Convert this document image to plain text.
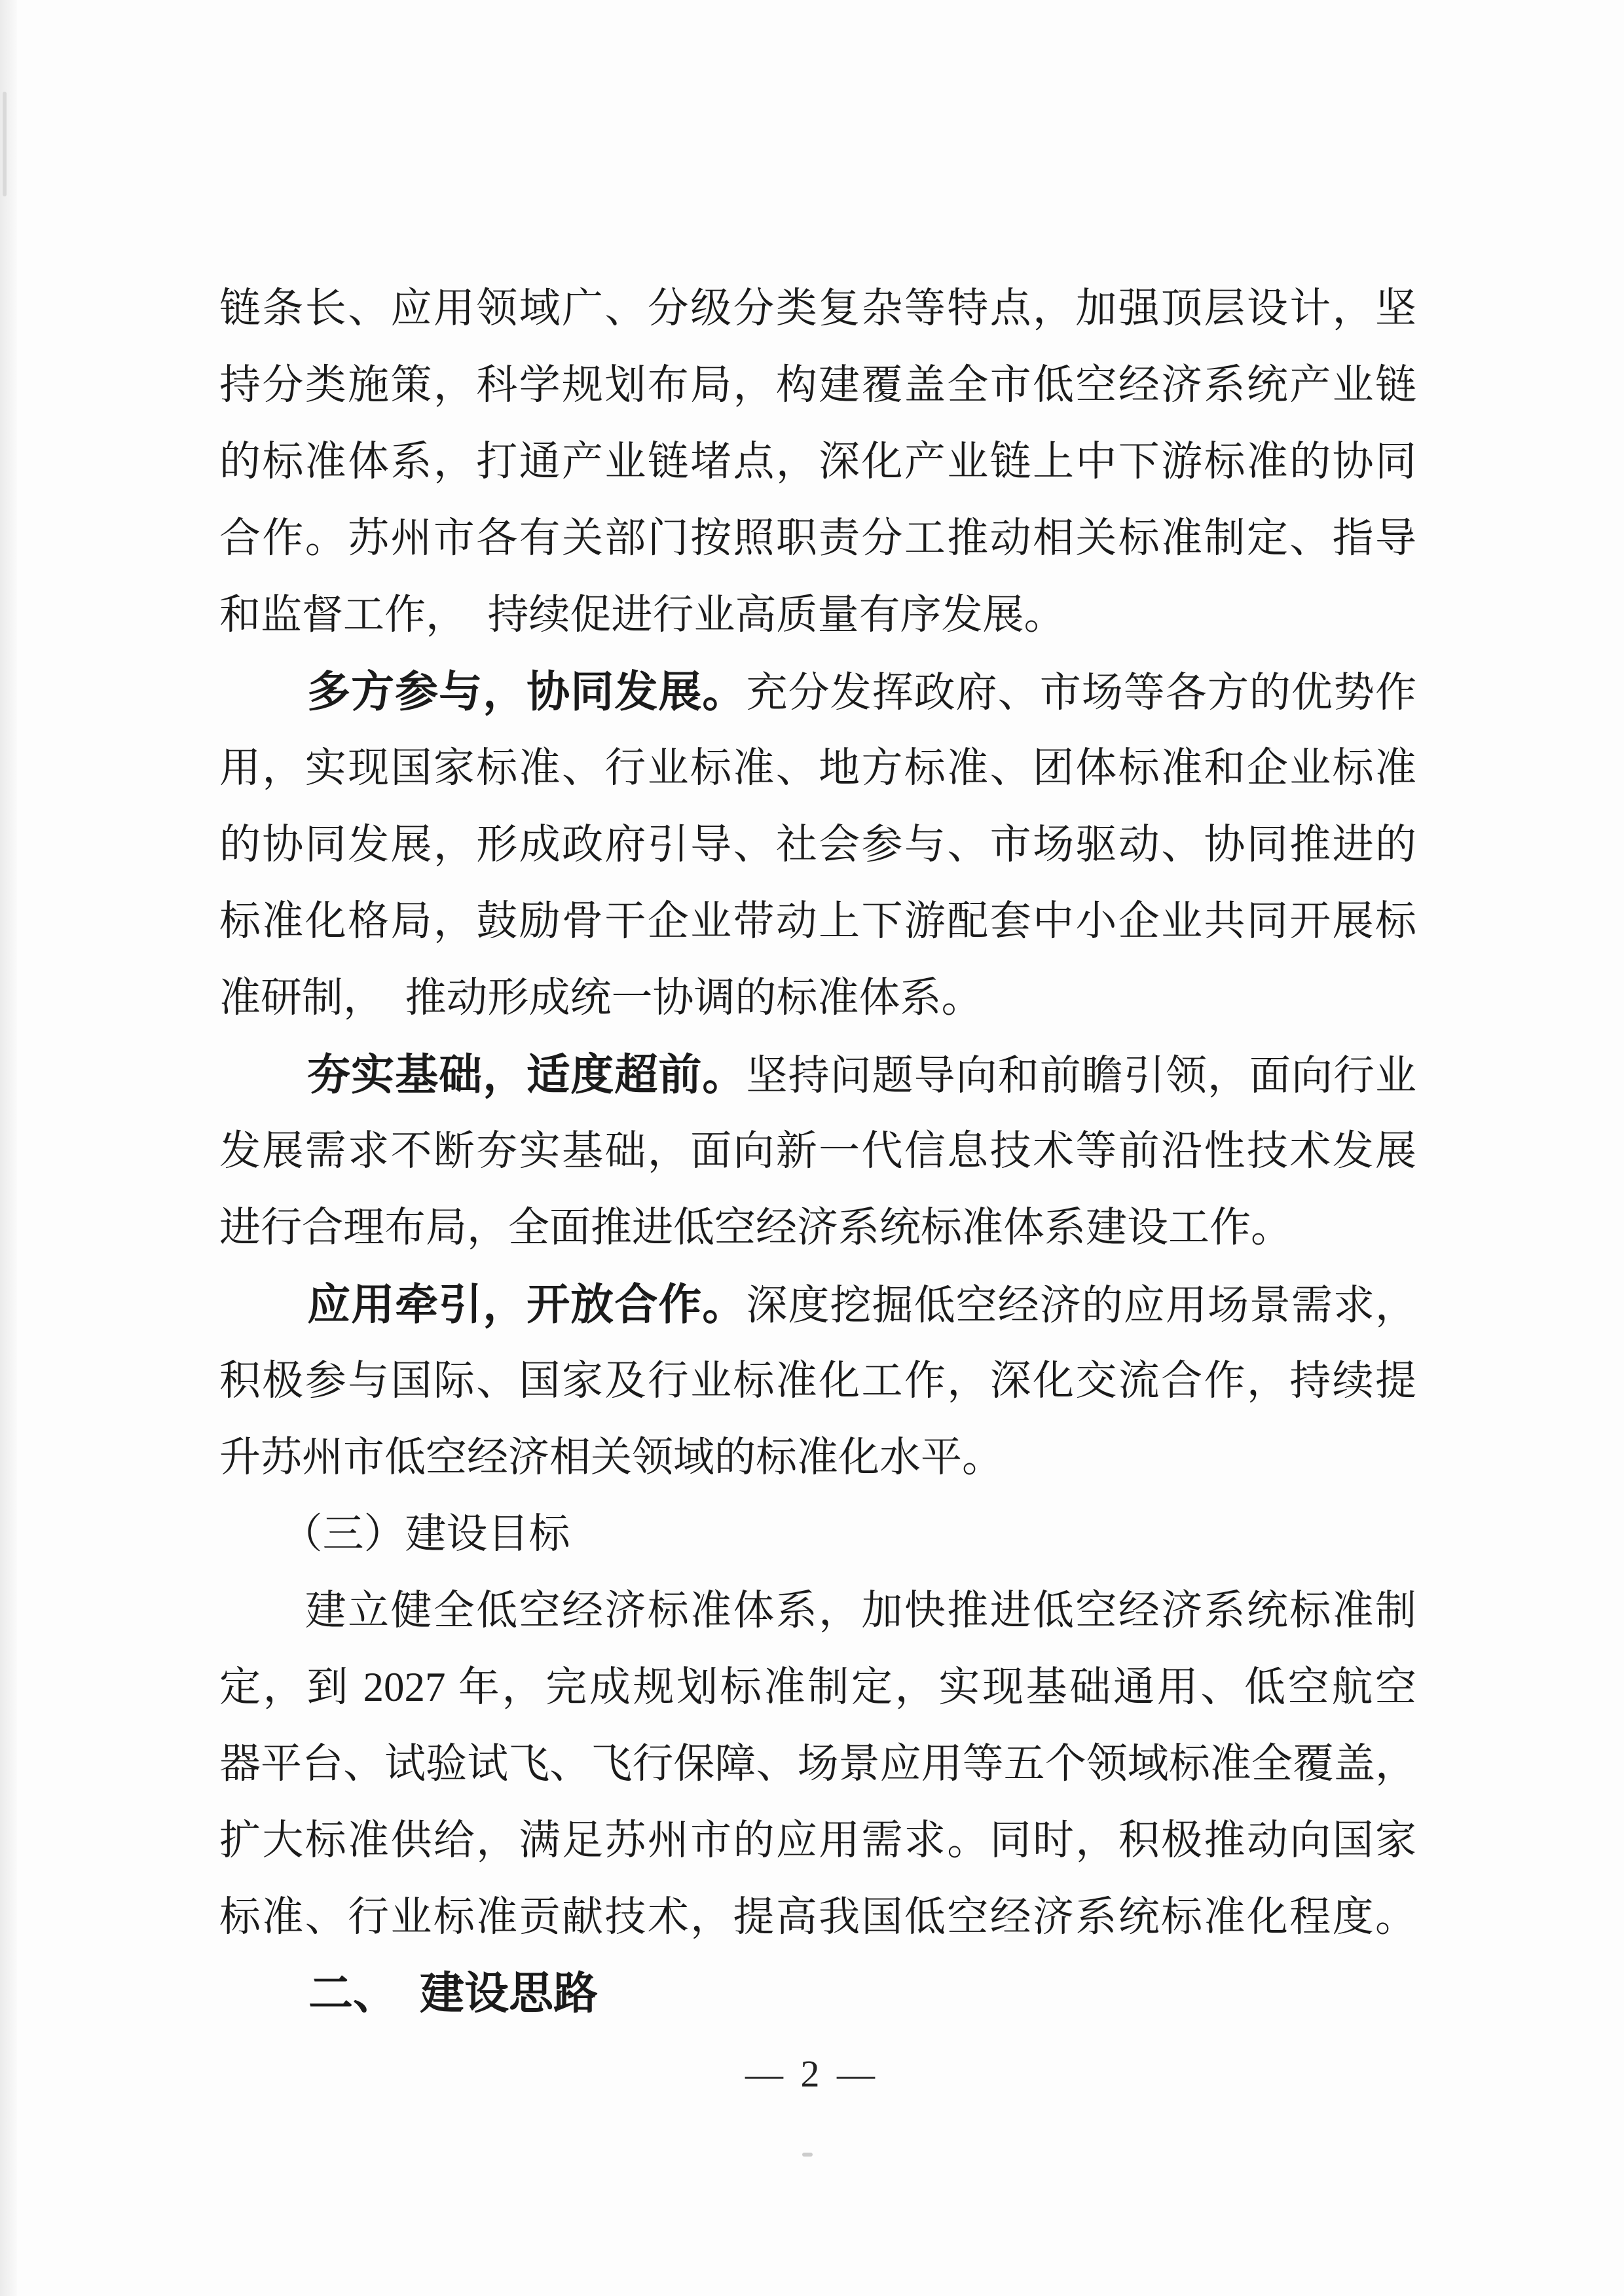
链条长、应用领域广、分级分类复杂等特点，加强顶层设计，坚
持分类施策，科学规划布局，构建覆盖全市低空经济系统产业链
的标准体系，打通产业链堵点，深化产业链上中下游标准的协同
合作。苏州市各有关部门按照职责分工推动相关标准制定、指导
和监督工作，　持续促进行业高质量有序发展。
　　多方参与，协同发展。充分发挥政府、市场等各方的优势作
用，实现国家标准、行业标准、地方标准、团体标准和企业标准
的协同发展，形成政府引导、社会参与、市场驱动、协同推进的
标准化格局，鼓励骨干企业带动上下游配套中小企业共同开展标
准研制，　推动形成统一协调的标准体系。
　　夯实基础，适度超前。坚持问题导向和前瞻引领，面向行业
发展需求不断夯实基础，面向新一代信息技术等前沿性技术发展
进行合理布局，全面推进低空经济系统标准体系建设工作。
　　应用牵引，开放合作。深度挖掘低空经济的应用场景需求，
积极参与国际、国家及行业标准化工作，深化交流合作，持续提
升苏州市低空经济相关领域的标准化水平。
　　（三）建设目标
　　建立健全低空经济标准体系，加快推进低空经济系统标准制
定，到 2027 年，完成规划标准制定，实现基础通用、低空航空
器平台、试验试飞、飞行保障、场景应用等五个领域标准全覆盖，
扩大标准供给，满足苏州市的应用需求。同时，积极推动向国家
标准、行业标准贡献技术，提高我国低空经济系统标准化程度。
　　二、　建设思路
— 2 —
